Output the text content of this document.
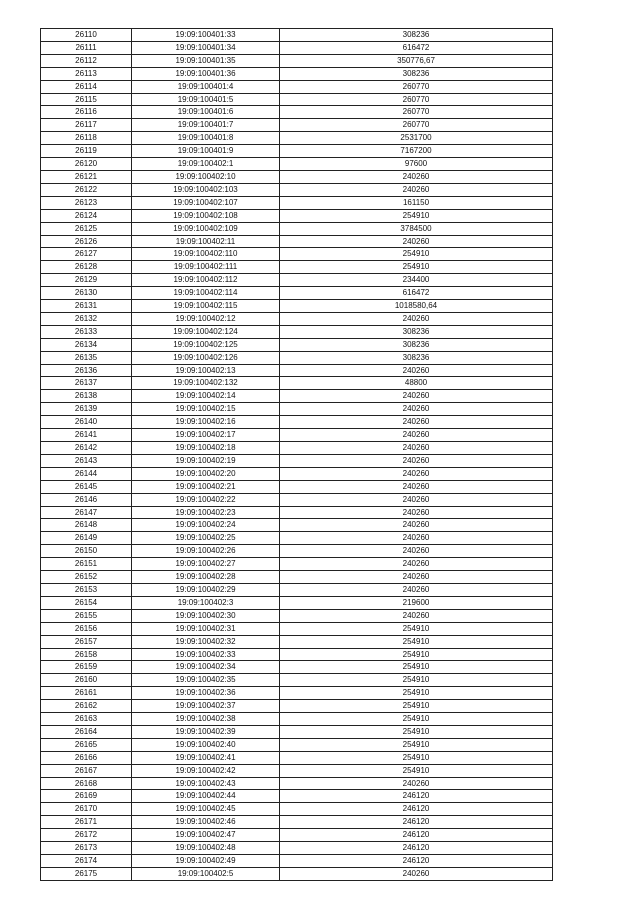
26110	19:09:100401:33	308236
26111	19:09:100401:34	616472
26112	19:09:100401:35	350776,67
26113	19:09:100401:36	308236
26114	19:09:100401:4	260770
26115	19:09:100401:5	260770
26116	19:09:100401:6	260770
26117	19:09:100401:7	260770
26118	19:09:100401:8	2531700
26119	19:09:100401:9	7167200
26120	19:09:100402:1	97600
26121	19:09:100402:10	240260
26122	19:09:100402:103	240260
26123	19:09:100402:107	161150
26124	19:09:100402:108	254910
26125	19:09:100402:109	3784500
26126	19:09:100402:11	240260
26127	19:09:100402:110	254910
26128	19:09:100402:111	254910
26129	19:09:100402:112	234400
26130	19:09:100402:114	616472
26131	19:09:100402:115	1018580,64
26132	19:09:100402:12	240260
26133	19:09:100402:124	308236
26134	19:09:100402:125	308236
26135	19:09:100402:126	308236
26136	19:09:100402:13	240260
26137	19:09:100402:132	48800
26138	19:09:100402:14	240260
26139	19:09:100402:15	240260
26140	19:09:100402:16	240260
26141	19:09:100402:17	240260
26142	19:09:100402:18	240260
26143	19:09:100402:19	240260
26144	19:09:100402:20	240260
26145	19:09:100402:21	240260
26146	19:09:100402:22	240260
26147	19:09:100402:23	240260
26148	19:09:100402:24	240260
26149	19:09:100402:25	240260
26150	19:09:100402:26	240260
26151	19:09:100402:27	240260
26152	19:09:100402:28	240260
26153	19:09:100402:29	240260
26154	19:09:100402:3	219600
26155	19:09:100402:30	240260
26156	19:09:100402:31	254910
26157	19:09:100402:32	254910
26158	19:09:100402:33	254910
26159	19:09:100402:34	254910
26160	19:09:100402:35	254910
26161	19:09:100402:36	254910
26162	19:09:100402:37	254910
26163	19:09:100402:38	254910
26164	19:09:100402:39	254910
26165	19:09:100402:40	254910
26166	19:09:100402:41	254910
26167	19:09:100402:42	254910
26168	19:09:100402:43	240260
26169	19:09:100402:44	246120
26170	19:09:100402:45	246120
26171	19:09:100402:46	246120
26172	19:09:100402:47	246120
26173	19:09:100402:48	246120
26174	19:09:100402:49	246120
26175	19:09:100402:5	240260
